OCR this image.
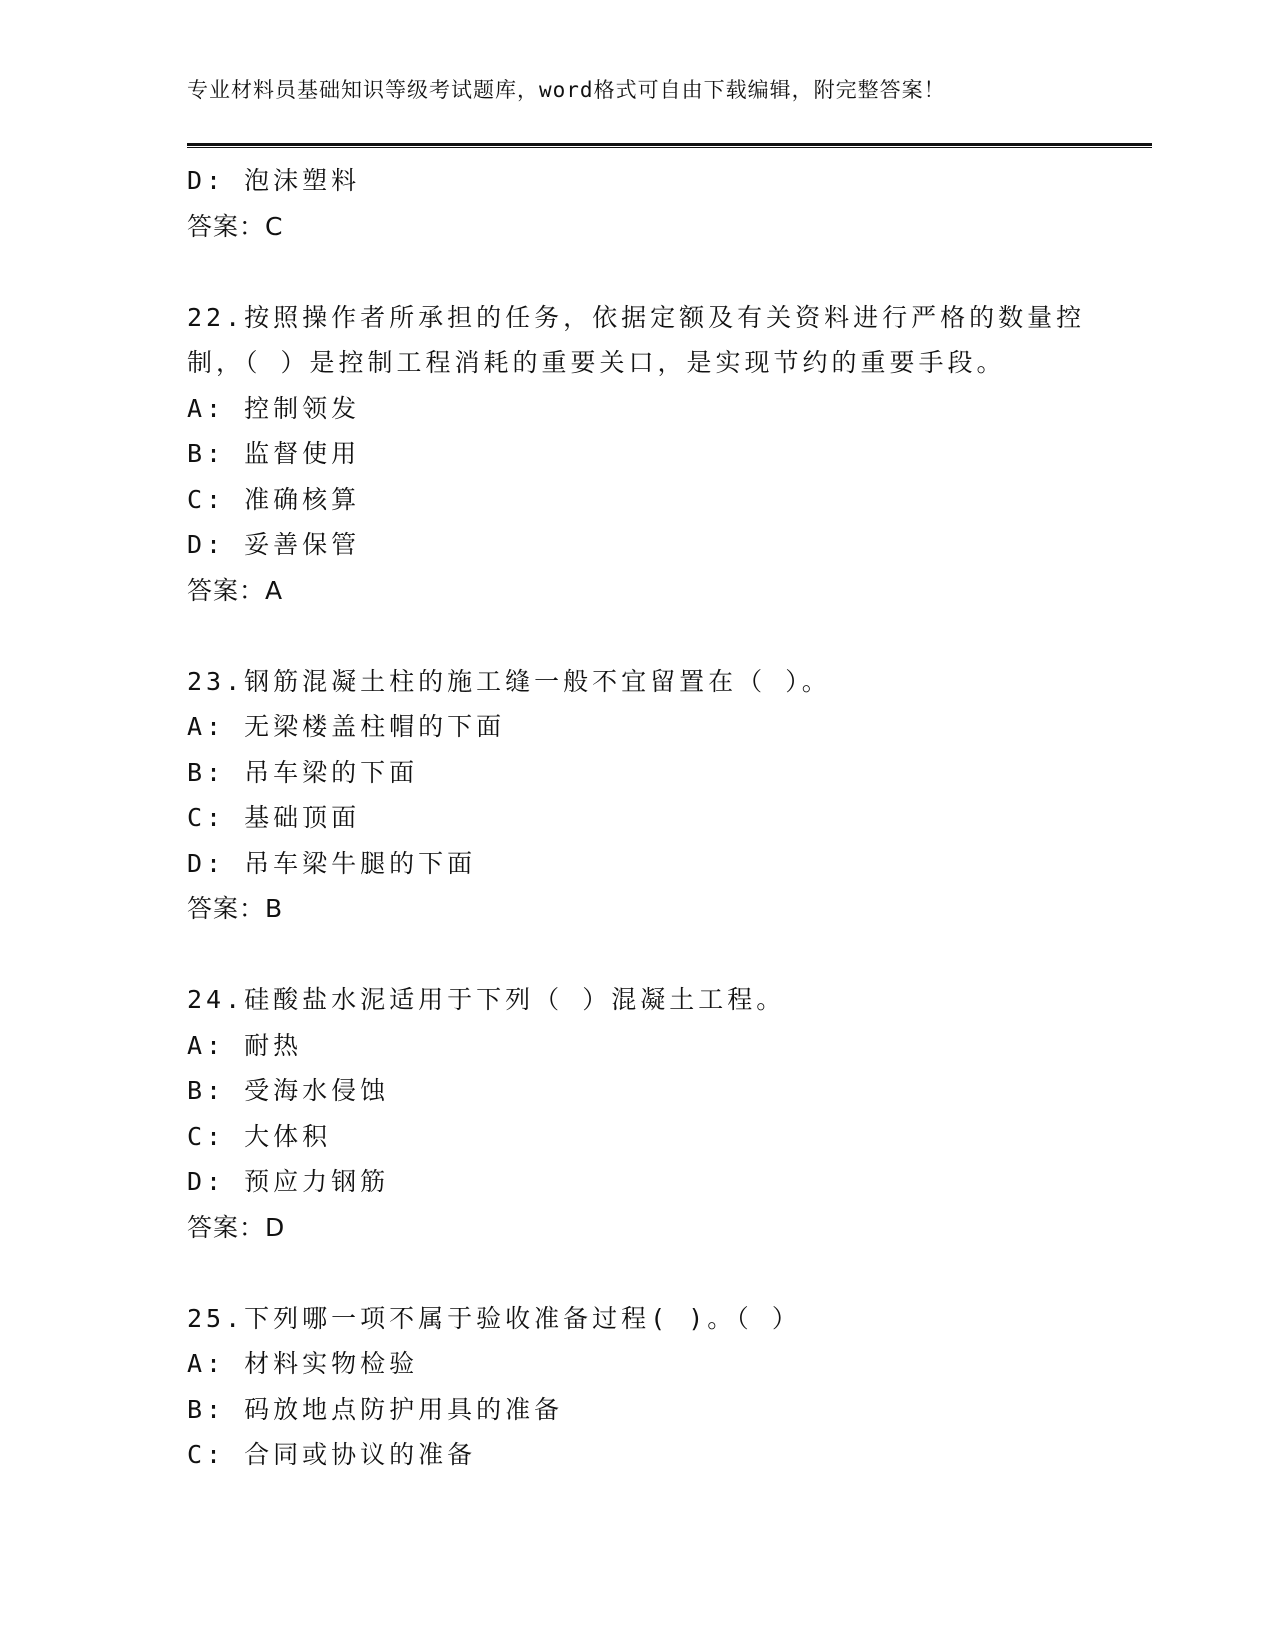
专业材料员基础知识等级考试题库，word格式可自由下载编辑，附完整答案！
D: 泡沫塑料
答案：C
22.按照操作者所承担的任务，依据定额及有关资料进行严格的数量控
制，（ ）是控制工程消耗的重要关口，是实现节约的重要手段。
A: 控制领发
B: 监督使用
C: 准确核算
D: 妥善保管
答案：A
23.钢筋混凝土柱的施工缝一般不宜留置在（ ）。
A: 无梁楼盖柱帽的下面
B: 吊车梁的下面
C: 基础顶面
D: 吊车梁牛腿的下面
答案：B
24.硅酸盐水泥适用于下列（ ）混凝土工程。
A: 耐热
B: 受海水侵蚀
C: 大体积
D: 预应力钢筋
答案：D
25.下列哪一项不属于验收准备过程( )。（ ）
A: 材料实物检验
B: 码放地点防护用具的准备
C: 合同或协议的准备
